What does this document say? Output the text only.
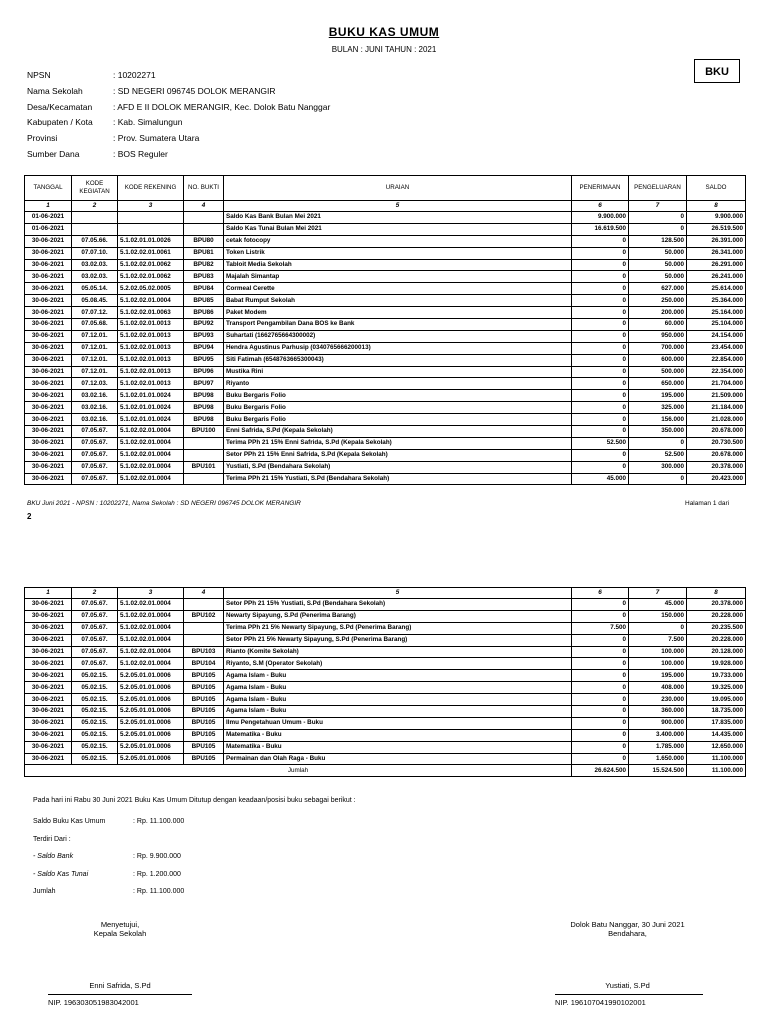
BUKU KAS UMUM
BULAN : JUNI TAHUN : 2021
BKU
NPSN	: 10202271
Nama Sekolah	: SD NEGERI 096745 DOLOK MERANGIR
Desa/Kecamatan	: AFD E II DOLOK MERANGIR, Kec. Dolok Batu Nanggar
Kabupaten / Kota	: Kab. Simalungun
Provinsi	: Prov. Sumatera Utara
Sumber Dana	: BOS Reguler
TANGGAL	KODE KEGIATAN	KODE REKENING	NO. BUKTI	URAIAN	PENERIMAAN	PENGELUARAN	SALDO
1	2	3	4	5	6	7	8
01-06-2021				Saldo Kas Bank Bulan Mei 2021	9.900.000	0	9.900.000
01-06-2021				Saldo Kas Tunai Bulan Mei 2021	16.619.500	0	26.519.500
30-06-2021	07.05.66.	5.1.02.01.01.0026	BPU80	cetak fotocopy	0	128.500	26.391.000
30-06-2021	07.07.10.	5.1.02.02.01.0061	BPU81	Token Listrik	0	50.000	26.341.000
30-06-2021	03.02.03.	5.1.02.02.01.0062	BPU82	Tabloit Media Sekolah	0	50.000	26.291.000
30-06-2021	03.02.03.	5.1.02.02.01.0062	BPU83	Majalah Simantap	0	50.000	26.241.000
30-06-2021	05.05.14.	5.2.02.05.02.0005	BPU84	Cormeal Cerette	0	627.000	25.614.000
30-06-2021	05.08.45.	5.1.02.02.01.0004	BPU85	Babat Rumput Sekolah	0	250.000	25.364.000
30-06-2021	07.07.12.	5.1.02.02.01.0063	BPU86	Paket Modem	0	200.000	25.164.000
30-06-2021	07.05.68.	5.1.02.02.01.0013	BPU92	Transport Pengambilan Dana BOS ke Bank	0	60.000	25.104.000
30-06-2021	07.12.01.	5.1.02.02.01.0013	BPU93	Suhartati (1662765664300002)	0	950.000	24.154.000
30-06-2021	07.12.01.	5.1.02.02.01.0013	BPU94	Hendra Agustinus Parhusip (0340765666200013)	0	700.000	23.454.000
30-06-2021	07.12.01.	5.1.02.02.01.0013	BPU95	Siti Fatimah (6548763665300043)	0	600.000	22.854.000
30-06-2021	07.12.01.	5.1.02.02.01.0013	BPU96	Mustika Rini	0	500.000	22.354.000
30-06-2021	07.12.03.	5.1.02.02.01.0013	BPU97	Riyanto	0	650.000	21.704.000
30-06-2021	03.02.16.	5.1.02.01.01.0024	BPU98	Buku Bergaris Folio	0	195.000	21.509.000
30-06-2021	03.02.16.	5.1.02.01.01.0024	BPU98	Buku Bergaris Folio	0	325.000	21.184.000
30-06-2021	03.02.16.	5.1.02.01.01.0024	BPU98	Buku Bergaris Folio	0	156.000	21.028.000
30-06-2021	07.05.67.	5.1.02.02.01.0004	BPU100	Enni Safrida, S.Pd (Kepala Sekolah)	0	350.000	20.678.000
30-06-2021	07.05.67.	5.1.02.02.01.0004		Terima PPh 21 15% Enni Safrida, S.Pd (Kepala Sekolah)	52.500	0	20.730.500
30-06-2021	07.05.67.	5.1.02.02.01.0004		Setor PPh 21 15% Enni Safrida, S.Pd (Kepala Sekolah)	0	52.500	20.678.000
30-06-2021	07.05.67.	5.1.02.02.01.0004	BPU101	Yustiati, S.Pd (Bendahara Sekolah)	0	300.000	20.378.000
30-06-2021	07.05.67.	5.1.02.02.01.0004		Terima PPh 21 15% Yustiati, S.Pd (Bendahara Sekolah)	45.000	0	20.423.000
BKU Juni 2021 - NPSN : 10202271, Nama Sekolah : SD NEGERI 096745 DOLOK MERANGIR	Halaman 1 dari
2
1	2	3	4	5	6	7	8
30-06-2021	07.05.67.	5.1.02.02.01.0004		Setor PPh 21 15% Yustiati, S.Pd (Bendahara Sekolah)	0	45.000	20.378.000
30-06-2021	07.05.67.	5.1.02.02.01.0004	BPU102	Newarty Sipayung, S.Pd (Penerima Barang)	0	150.000	20.228.000
30-06-2021	07.05.67.	5.1.02.02.01.0004		Terima PPh 21 5% Newarty Sipayung, S.Pd (Penerima Barang)	7.500	0	20.235.500
30-06-2021	07.05.67.	5.1.02.02.01.0004		Setor PPh 21 5% Newarty Sipayung, S.Pd (Penerima Barang)	0	7.500	20.228.000
30-06-2021	07.05.67.	5.1.02.02.01.0004	BPU103	Rianto (Komite Sekolah)	0	100.000	20.128.000
30-06-2021	07.05.67.	5.1.02.02.01.0004	BPU104	Riyanto, S.M (Operator Sekolah)	0	100.000	19.928.000
30-06-2021	05.02.15.	5.2.05.01.01.0006	BPU105	Agama Islam - Buku	0	195.000	19.733.000
30-06-2021	05.02.15.	5.2.05.01.01.0006	BPU105	Agama Islam - Buku	0	408.000	19.325.000
30-06-2021	05.02.15.	5.2.05.01.01.0006	BPU105	Agama Islam - Buku	0	230.000	19.095.000
30-06-2021	05.02.15.	5.2.05.01.01.0006	BPU105	Agama Islam - Buku	0	360.000	18.735.000
30-06-2021	05.02.15.	5.2.05.01.01.0006	BPU105	Ilmu Pengetahuan Umum - Buku	0	900.000	17.835.000
30-06-2021	05.02.15.	5.2.05.01.01.0006	BPU105	Matematika - Buku	0	3.400.000	14.435.000
30-06-2021	05.02.15.	5.2.05.01.01.0006	BPU105	Matematika - Buku	0	1.785.000	12.650.000
30-06-2021	05.02.15.	5.2.05.01.01.0006	BPU105	Permainan dan Olah Raga - Buku	0	1.650.000	11.100.000
Jumlah					26.624.500	15.524.500	11.100.000
Pada hari ini Rabu 30 Juni 2021 Buku Kas Umum Ditutup dengan keadaan/posisi buku sebagai berikut :
Saldo Buku Kas Umum	: Rp. 11.100.000
Terdiri Dari :
- Saldo Bank	: Rp. 9.900.000
- Saldo Kas Tunai	: Rp. 1.200.000
Jumlah	: Rp. 11.100.000
Menyetujui,
Kepala Sekolah
Enni Safrida, S.Pd
NIP. 196303051983042001
Dolok Batu Nanggar, 30 Juni 2021
Bendahara,
Yustiati, S.Pd
NIP. 196107041990102001
